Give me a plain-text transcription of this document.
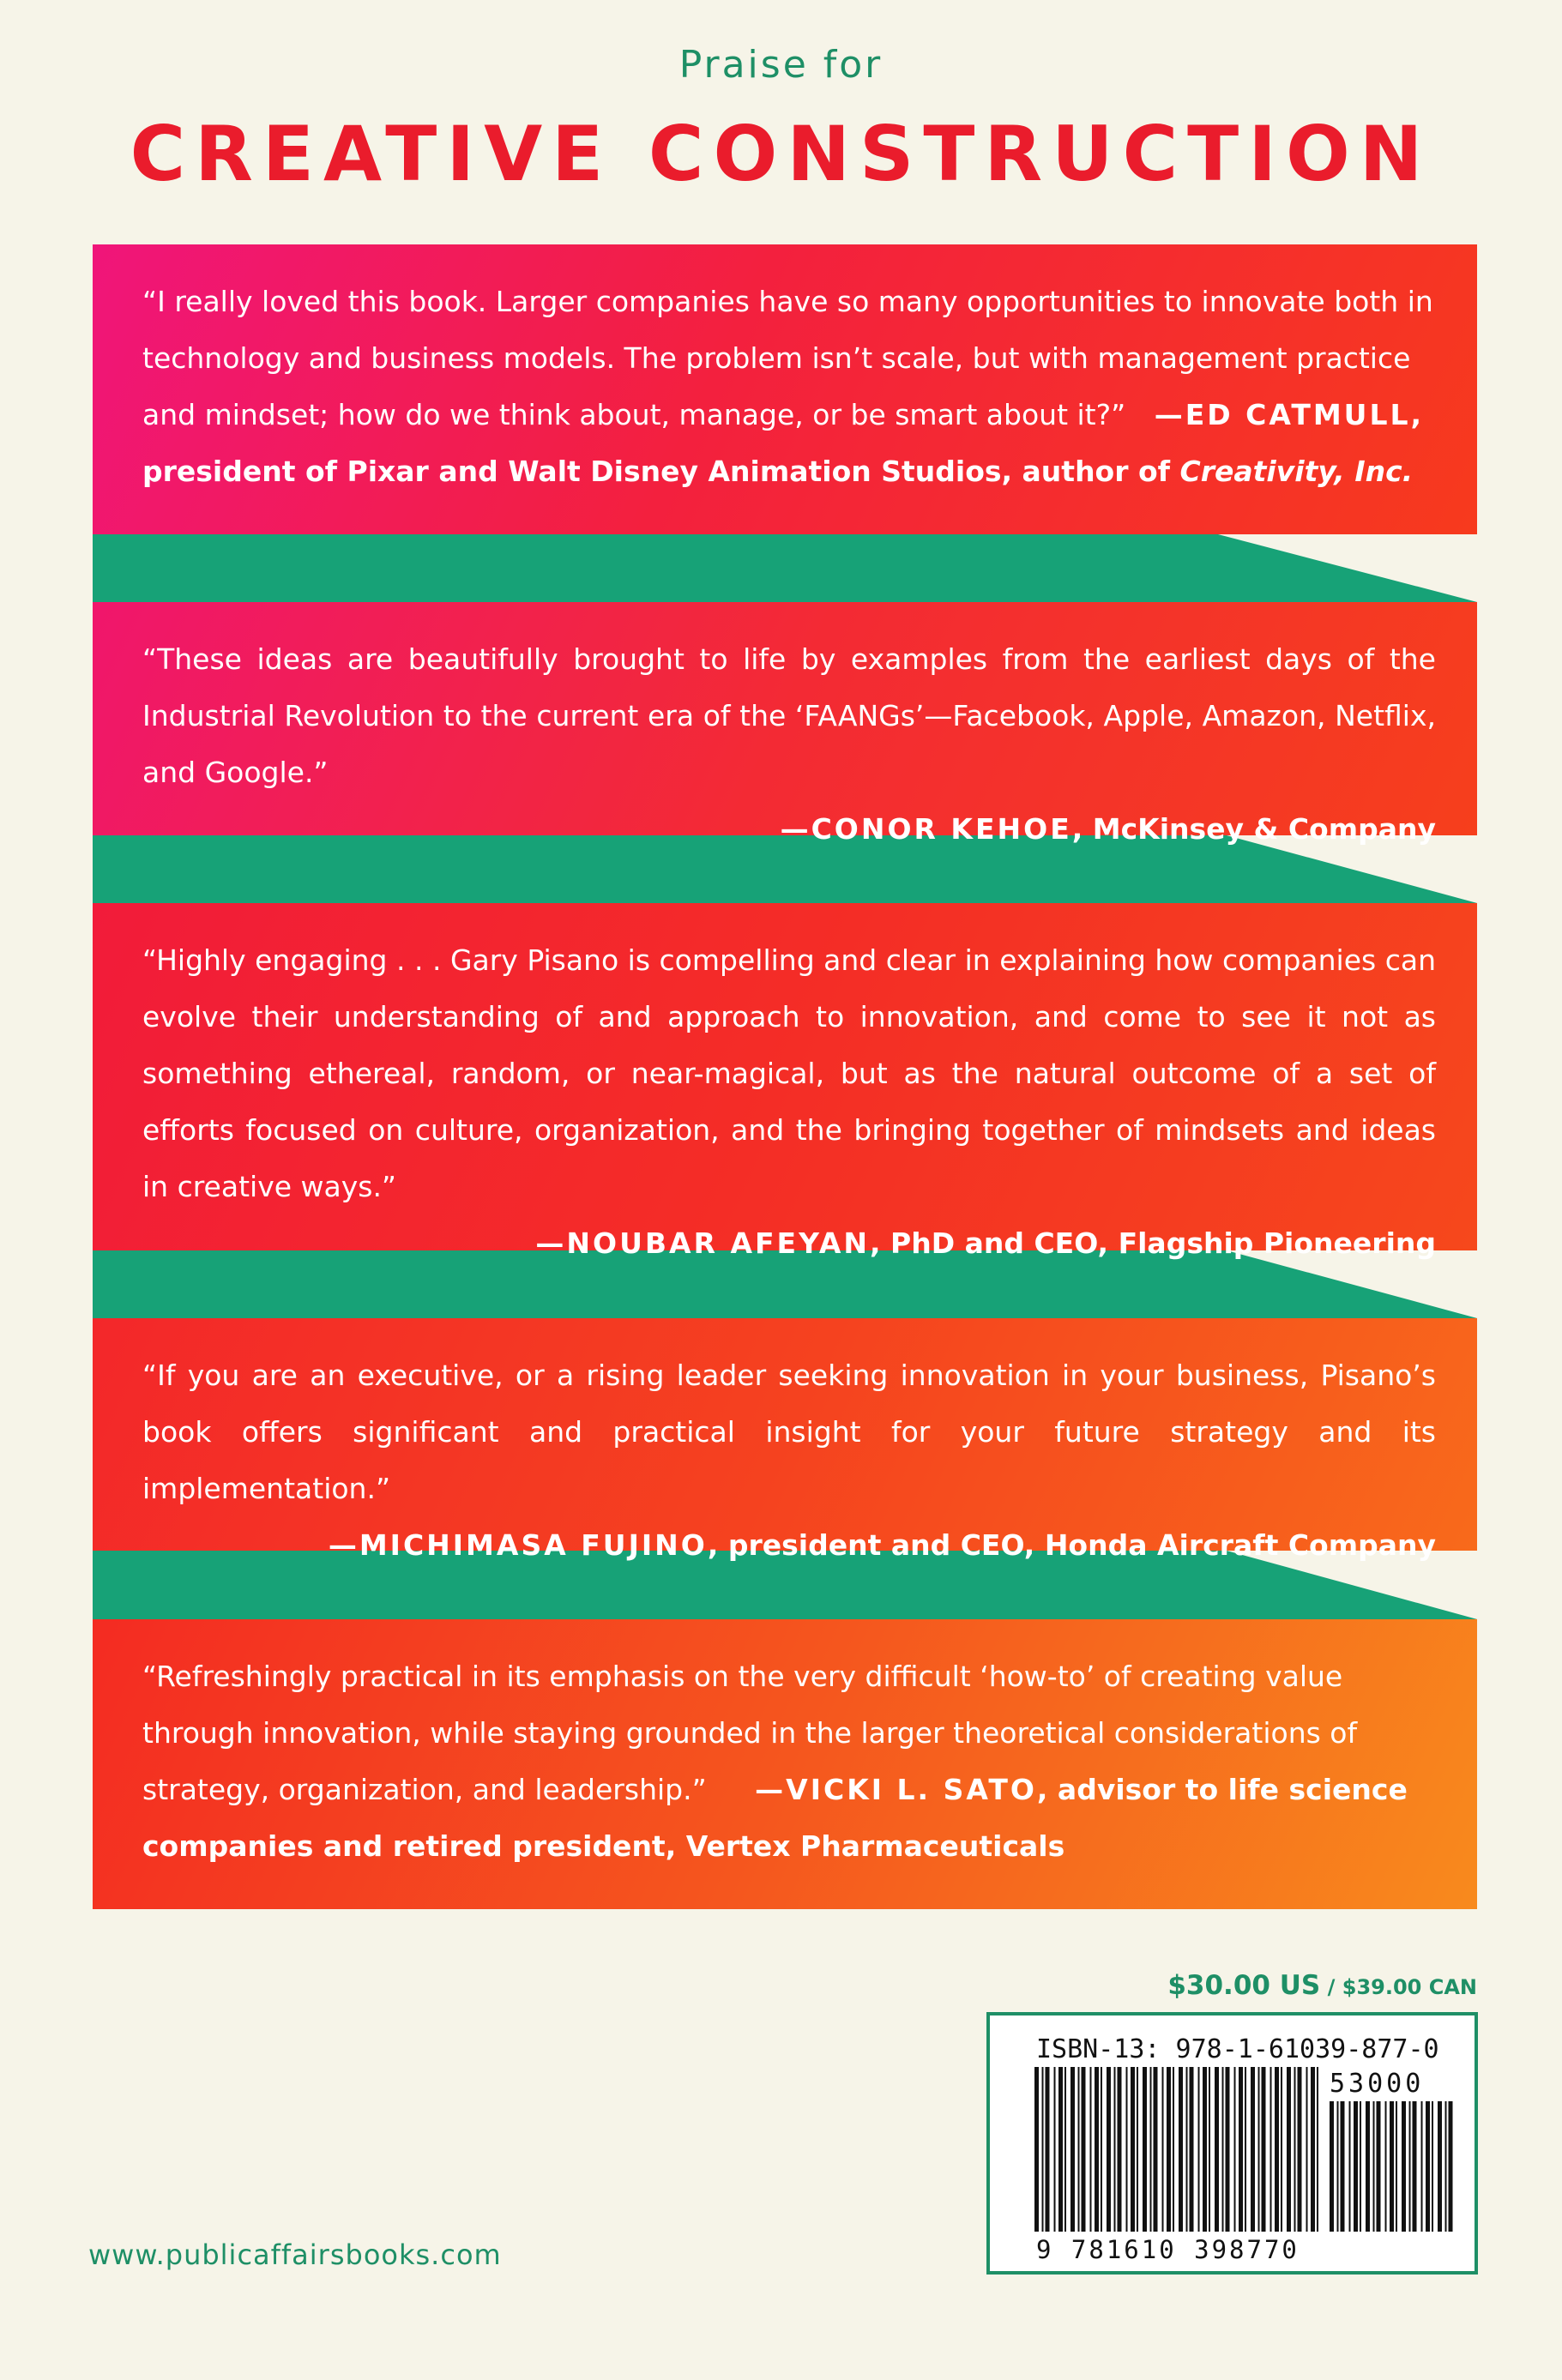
Praise for
CREATIVE CONSTRUCTION
“I really loved this book. Larger companies have so many opportunities to innovate both in technology and business models. The problem isn’t scale, but with management practice and mindset; how do we think about, manage, or be smart about it?” —ED CATMULL, president of Pixar and Walt Disney Animation Studios, author of Creativity, Inc.
“These ideas are beautifully brought to life by examples from the earliest days of the Industrial Revolution to the current era of the ‘FAANGs’—Facebook, Apple, Amazon, Netflix, and Google.”
—CONOR KEHOE, McKinsey & Company
“Highly engaging . . . Gary Pisano is compelling and clear in explaining how companies can evolve their understanding of and approach to innovation, and come to see it not as something ethereal, random, or near-magical, but as the natural outcome of a set of efforts focused on culture, organization, and the bringing together of mindsets and ideas in creative ways.”
—NOUBAR AFEYAN, PhD and CEO, Flagship Pioneering
“If you are an executive, or a rising leader seeking innovation in your business, Pisano’s book offers significant and practical insight for your future strategy and its implementation.”
—MICHIMASA FUJINO, president and CEO, Honda Aircraft Company
“Refreshingly practical in its emphasis on the very difficult ‘how-to’ of creating value through innovation, while staying grounded in the larger theoretical considerations of strategy, organization, and leadership.” —VICKI L. SATO, advisor to life science companies and retired president, Vertex Pharmaceuticals
$30.00 US / $39.00 CAN
ISBN-13: 978-1-61039-877-0
53000
9 781610 398770
www.publicaffairsbooks.com
